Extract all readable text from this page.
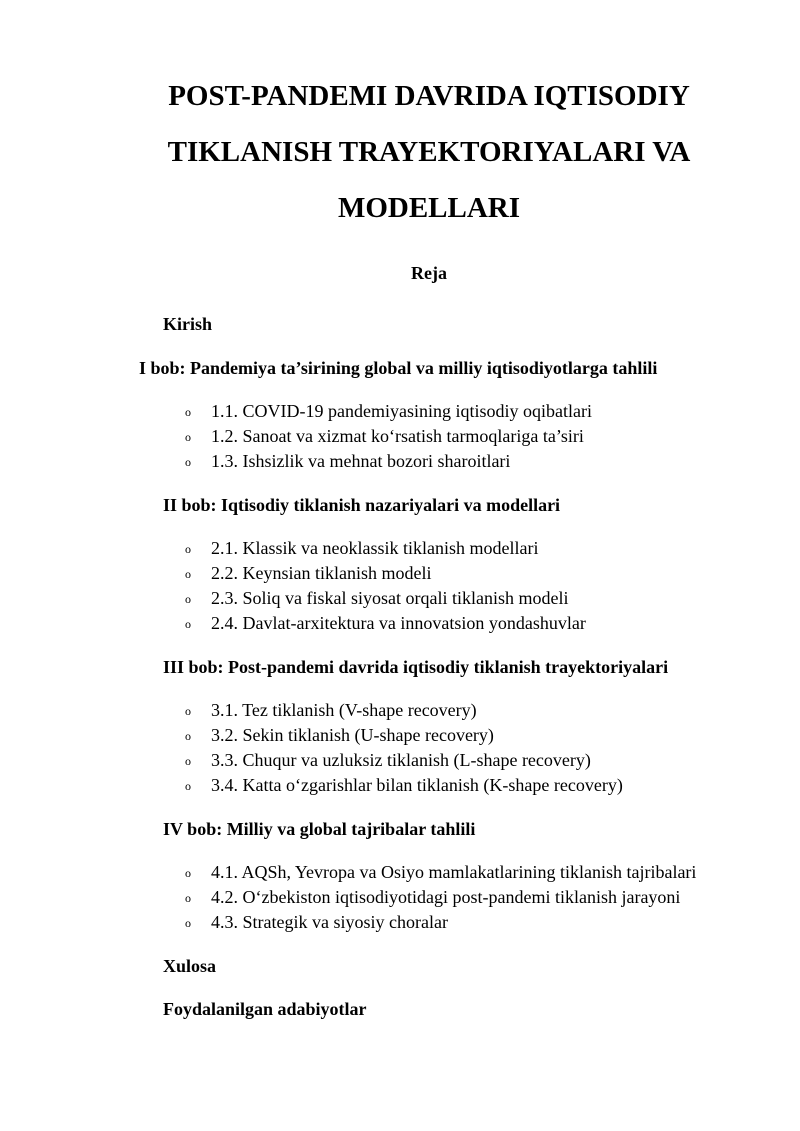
POST-PANDEMI DAVRIDA IQTISODIY
TIKLANISH TRAYEKTORIYALARI VA
MODELLARI
Reja
Kirish
I bob: Pandemiya ta’sirining global va milliy iqtisodiyotlarga tahlili
o 1.1. COVID-19 pandemiyasining iqtisodiy oqibatlari
o 1.2. Sanoat va xizmat koʻrsatish tarmoqlariga ta’siri
o 1.3. Ishsizlik va mehnat bozori sharoitlari
II bob: Iqtisodiy tiklanish nazariyalari va modellari
o 2.1. Klassik va neoklassik tiklanish modellari
o 2.2. Keynsian tiklanish modeli
o 2.3. Soliq va fiskal siyosat orqali tiklanish modeli
o 2.4. Davlat-arxitektura va innovatsion yondashuvlar
III bob: Post-pandemi davrida iqtisodiy tiklanish trayektoriyalari
o 3.1. Tez tiklanish (V-shape recovery)
o 3.2. Sekin tiklanish (U-shape recovery)
o 3.3. Chuqur va uzluksiz tiklanish (L-shape recovery)
o 3.4. Katta oʻzgarishlar bilan tiklanish (K-shape recovery)
IV bob: Milliy va global tajribalar tahlili
o 4.1. AQSh, Yevropa va Osiyo mamlakatlarining tiklanish tajribalari
o 4.2. Oʻzbekiston iqtisodiyotidagi post-pandemi tiklanish jarayoni
o 4.3. Strategik va siyosiy choralar
Xulosa
Foydalanilgan adabiyotlar
